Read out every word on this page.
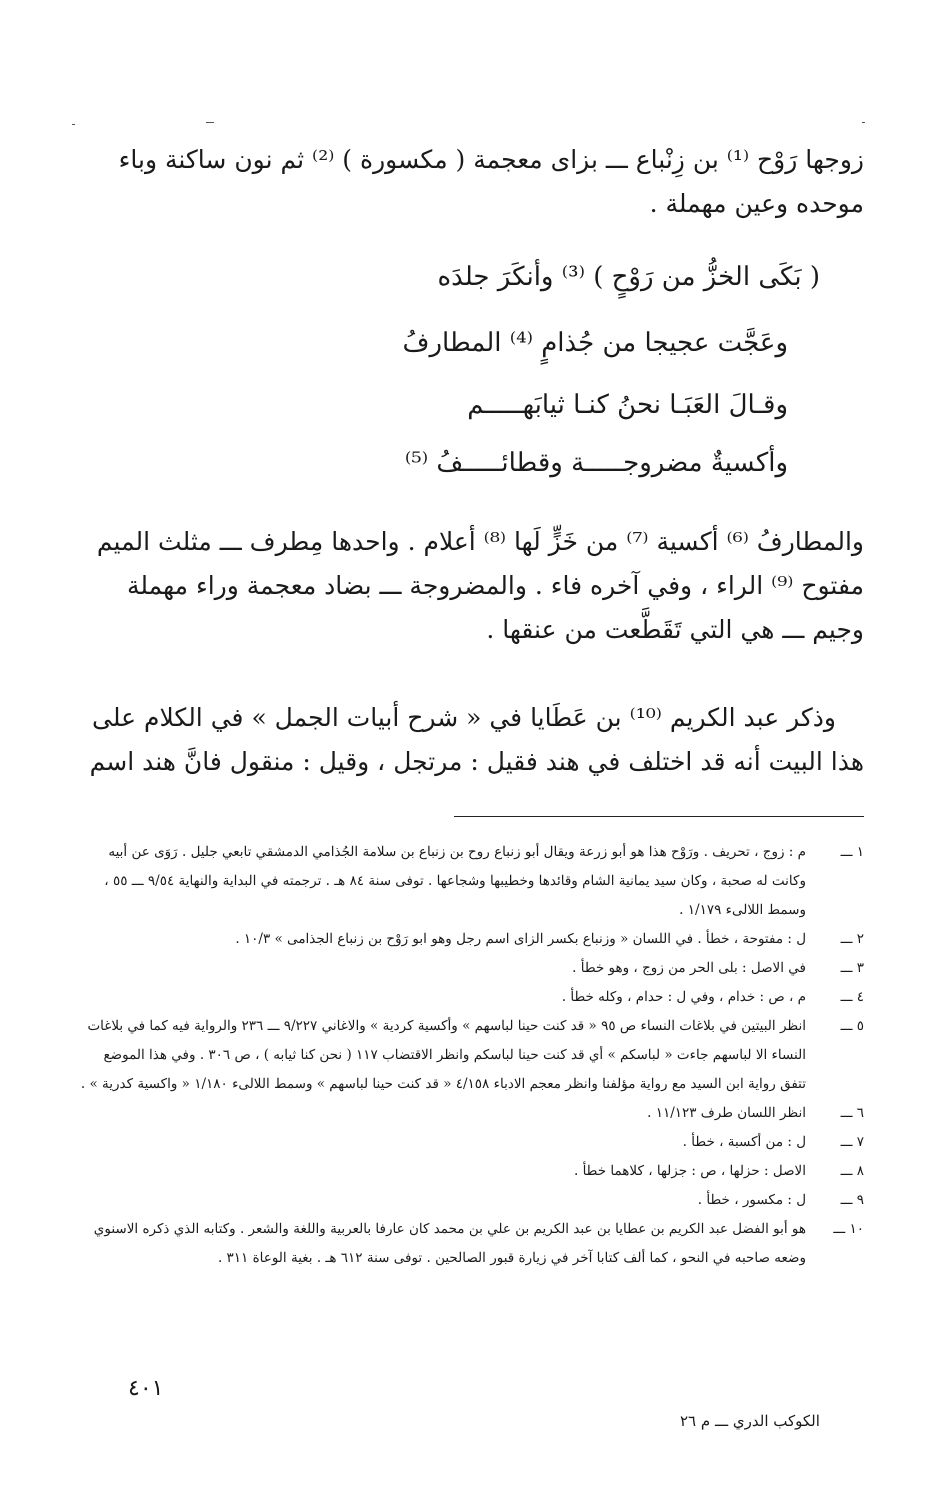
زوجها رَوْح ⁽¹⁾ بن زِنْباع ـــ بزاى معجمة ( مكسورة ) ⁽²⁾ ثم نون ساكنة وباء موحده وعين مهملة .

( بَكَى الخزُّ من رَوْحٍ ) ⁽³⁾ وأنكَرَ جلدَه
وعَجَّت عجيجا من جُذامٍ ⁽⁴⁾ المطارفُ
وقـالَ العَبَـا نحنُ كنـا ثيابَهـــــم
وأكسيةٌ مضروجـــــة وقطائـــــفُ ⁽⁵⁾

والمطارفُ ⁽⁶⁾ أكسية ⁽⁷⁾ من خَزٍّ لَها ⁽⁸⁾ أعلام . واحدها مِطرف ـــ مثلث الميم مفتوح ⁽⁹⁾ الراء ، وفي آخره فاء . والمضروجة ـــ بضاد معجمة وراء مهملة وجيم ـــ هي التي تَقَطَّعت من عنقها .

وذكر عبد الكريم ⁽¹⁰⁾ بن عَطَايا في « شرح أبيات الجمل » في الكلام على هذا البيت أنه قد اختلف في هند فقيل : مرتجل ، وقيل : منقول فانَّ هند اسم

١ ـــ
م : زوج ، تحريف . ورَوْح هذا هو أبو زرعة ويقال أبو زنباع روح بن زنباع بن سلامة الجُذامي الدمشقي تابعي جليل . رَوَى عن أبيه وكانت له صحبة ، وكان سيد يمانية الشام وقائدها وخطيبها وشجاعها . توفى سنة ٨٤ هـ . ترجمته في البداية والنهاية ٩/٥٤ ـــ ٥٥ ، وسمط اللالىء ١/١٧٩ .
٢ ـــ
ل : مفتوحة ، خطأ . في اللسان « وزنباع بكسر الزاى اسم رجل وهو ابو رَوْح بن زنباع الجذامى » ١٠/٣ .
٣ ـــ
في الاصل : بلى الحر من زوج ، وهو خطأ .
٤ ـــ
م ، ص : خدام ، وفي ل : حدام ، وكله خطأ .
٥ ـــ
انظر البيتين في بلاغات النساء ص ٩٥ « قد كنت حينا لباسهم » وأكسية كردية » والاغاني ٩/٢٢٧ ـــ ٢٣٦ والرواية فيه كما في بلاغات النساء الا لباسهم جاءت « لباسكم » أي قد كنت حينا لباسكم وانظر الاقتضاب ١١٧ ( نحن كنا ثيابه ) ، ص ٣٠٦ . وفي هذا الموضع تتفق رواية ابن السيد مع رواية مؤلفنا وانظر معجم الادباء ٤/١٥٨ « قد كنت حينا لباسهم » وسمط اللالىء ١/١٨٠ « واكسية كدرية » .
٦ ـــ
انظر اللسان طرف ١١/١٢٣ .
٧ ـــ
ل : من أكسبة ، خطأ .
٨ ـــ
الاصل : حزلها ، ص : جزلها ، كلاهما خطأ .
٩ ـــ
ل : مكسور ، خطأ .
١٠ ـــ
هو أبو الفضل عبد الكريم بن عطايا بن عبد الكريم بن علي بن محمد كان عارفا بالعربية واللغة والشعر . وكتابه الذي ذكره الاسنوي وضعه صاحبه في النحو ، كما ألف كتابا آخر في زيارة قبور الصالحين . توفى سنة ٦١٢ هـ . بغية الوعاة ٣١١ .
٤٠١
الكوكب الدري ـــ م ٢٦
